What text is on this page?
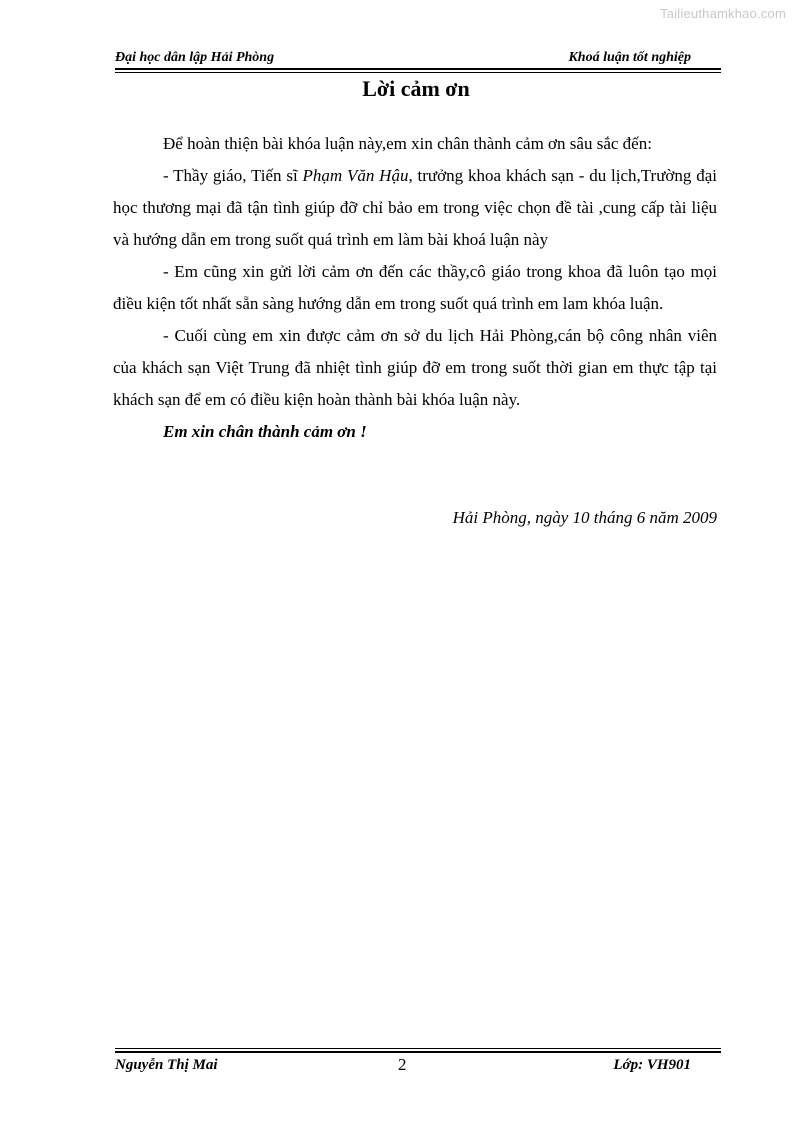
Tailieuthamkhao.com
Đại học dân lập Hải Phòng	Khoá luận tốt nghiệp
Lời cảm ơn

Để hoàn thiện bài khóa luận này,em xin chân thành cảm ơn sâu sắc đến:

- Thầy giáo, Tiến sĩ Phạm Văn Hậu, trưởng khoa khách sạn - du lịch,Trường đại học thương mại đã tận tình giúp đỡ chỉ bảo em trong việc chọn đề tài ,cung cấp tài liệu và hướng dẫn em trong suốt quá trình em làm bài khoá luận này

- Em cũng xin gửi lời cảm ơn đến các thầy,cô giáo trong khoa đã luôn tạo mọi điều kiện tốt nhất sẵn sàng hướng dẫn em trong suốt quá trình em lam khóa luận.

- Cuối cùng em xin được cảm ơn sở du lịch Hải Phòng,cán bộ công nhân viên của khách sạn Việt Trung đã nhiệt tình giúp đỡ em trong suốt thời gian em thực tập tại khách sạn để em có điều kiện hoàn thành bài khóa luận này.

Em xin chân thành cảm ơn !

Hải Phòng, ngày 10 tháng 6 năm 2009
Nguyễn Thị Mai	2	Lớp: VH901
